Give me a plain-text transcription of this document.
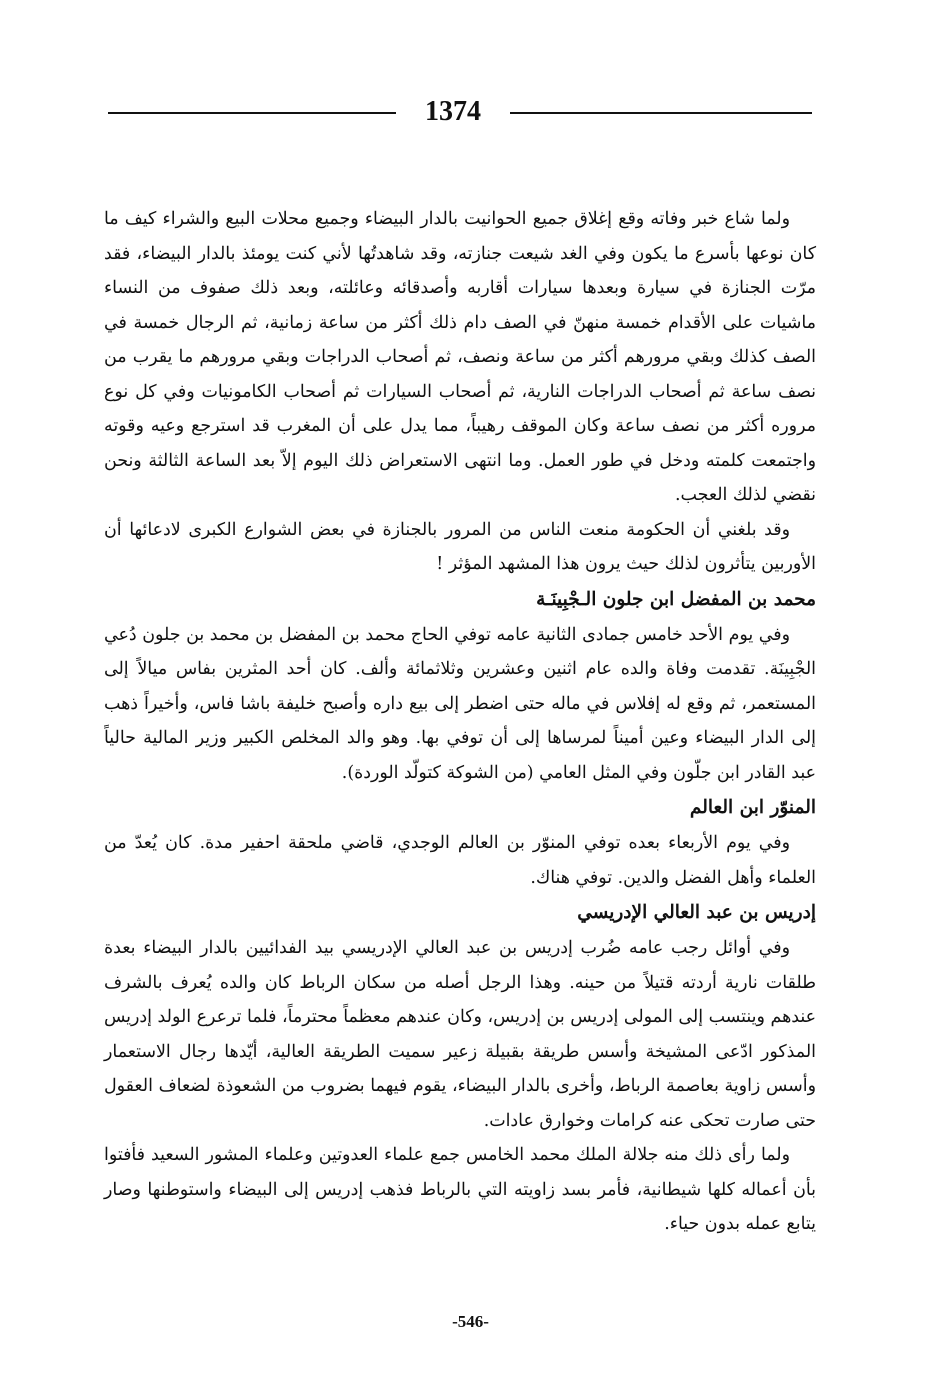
1374

ولما شاع خبر وفاته وقع إغلاق جميع الحوانيت بالدار البيضاء وجميع محلات البيع والشراء كيف ما كان نوعها بأسرع ما يكون وفي الغد شيعت جنازته، وقد شاهدتُها لأني كنت يومئذ بالدار البيضاء، فقد مرّت الجنازة في سيارة وبعدها سيارات أقاربه وأصدقائه وعائلته، وبعد ذلك صفوف من النساء ماشيات على الأقدام خمسة منهنّ في الصف دام ذلك أكثر من ساعة زمانية، ثم الرجال خمسة في الصف كذلك وبقي مرورهم أكثر من ساعة ونصف، ثم أصحاب الدراجات وبقي مرورهم ما يقرب من نصف ساعة ثم أصحاب الدراجات النارية، ثم أصحاب السيارات ثم أصحاب الكامونيات وفي كل نوع مروره أكثر من نصف ساعة وكان الموقف رهيباً، مما يدل على أن المغرب قد استرجع وعيه وقوته واجتمعت كلمته ودخل في طور العمل. وما انتهى الاستعراض ذلك اليوم إلاّ بعد الساعة الثالثة ونحن نقضي لذلك العجب.

وقد بلغني أن الحكومة منعت الناس من المرور بالجنازة في بعض الشوارع الكبرى لادعائها أن الأوربين يتأثرون لذلك حيث يرون هذا المشهد المؤثر !

محمد بن المفضل ابن جلون الـجْبِينَـة

وفي يوم الأحد خامس جمادى الثانية عامه توفي الحاج محمد بن المفضل بن محمد بن جلون دُعي الجْبِينَة. تقدمت وفاة والده عام اثنين وعشرين وثلاثمائة وألف. كان أحد المثرين بفاس ميالاً إلى المستعمر، ثم وقع له إفلاس في ماله حتى اضطر إلى بيع داره وأصبح خليفة باشا فاس، وأخيراً ذهب إلى الدار البيضاء وعين أميناً لمرساها إلى أن توفي بها. وهو والد المخلص الكبير وزير المالية حالياً عبد القادر ابن جلّون وفي المثل العامي (من الشوكة كتولّد الوردة).

المنوّر ابن العالم

وفي يوم الأربعاء بعده توفي المنوّر بن العالم الوجدي، قاضي ملحقة احفير مدة. كان يُعدّ من العلماء وأهل الفضل والدين. توفي هناك.

إدريس بن عبد العالي الإدريسي

وفي أوائل رجب عامه ضُرب إدريس بن عبد العالي الإدريسي بيد الفدائيين بالدار البيضاء بعدة طلقات نارية أردته قتيلاً من حينه. وهذا الرجل أصله من سكان الرباط كان والده يُعرف بالشرف عندهم وينتسب إلى المولى إدريس بن إدريس، وكان عندهم معظماً محترماً، فلما ترعرع الولد إدريس المذكور ادّعى المشيخة وأسس طريقة بقبيلة زعير سميت الطريقة العالية، أيّدها رجال الاستعمار وأسس زاوية بعاصمة الرباط، وأخرى بالدار البيضاء، يقوم فيهما بضروب من الشعوذة لضعاف العقول حتى صارت تحكى عنه كرامات وخوارق عادات.

ولما رأى ذلك منه جلالة الملك محمد الخامس جمع علماء العدوتين وعلماء المشور السعيد فأفتوا بأن أعماله كلها شيطانية، فأمر بسد زاويته التي بالرباط فذهب إدريس إلى البيضاء واستوطنها وصار يتابع عمله بدون حياء.

-546-
